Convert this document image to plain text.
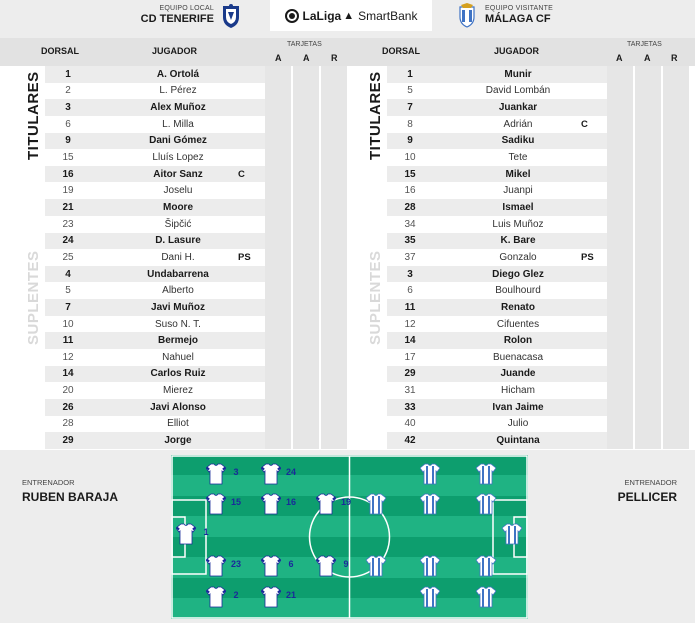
EQUIPO LOCAL
CD TENERIFE	LaLiga ▲ SmartBank	EQUIPO VISITANTE
MÁLAGA CF
DORSAL	JUGADOR
TARJETAS
A A R
DORSAL	JUGADOR
TARJETAS
A A R
TITULARES
SUPLENTES
TITULARES
SUPLENTES
1	A. Ortolá
2	L. Pérez
3	Alex Muñoz
6	L. Milla
9	Dani Gómez
15	Lluís Lopez
16	Aitor Sanz	C
19	Joselu
21	Moore
23	Šipčić
24	D. Lasure
25	Dani H.	PS
4	Undabarrena
5	Alberto
7	Javi Muñoz
10	Suso N. T.
11	Bermejo
12	Nahuel
14	Carlos Ruiz
20	Mierez
26	Javi Alonso
28	Elliot
29	Jorge
1	Munir
5	David Lombán
7	Juankar
8	Adrián	C
9	Sadiku
10	Tete
15	Mikel
16	Juanpi
28	Ismael
34	Luis Muñoz
35	K. Bare
37	Gonzalo	PS
3	Diego Glez
6	Boulhourd
11	Renato
12	Cifuentes
14	Rolon
17	Buenacasa
29	Juande
31	Hicham
33	Ivan Jaime
40	Julio
42	Quintana
ENTRENADOR
RUBEN BARAJA
ENTRENADOR
PELLICER
3	24
15	16	19
1
23	6	9
2	21
